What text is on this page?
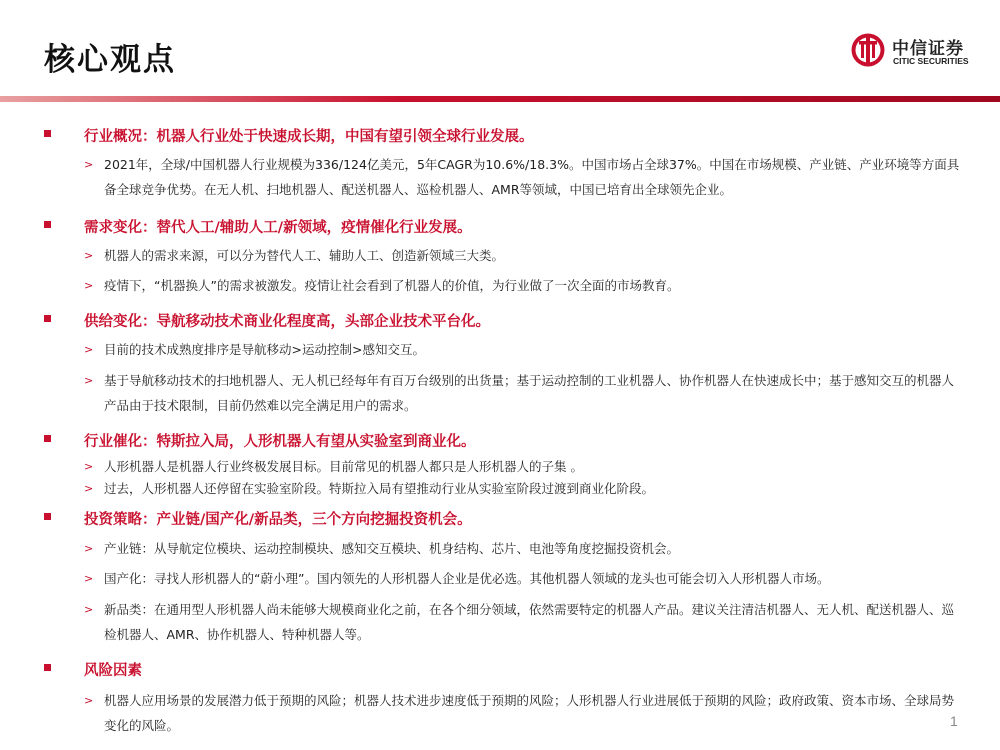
核心观点	中信证券
CITIC SECURITIES
行业概况：机器人行业处于快速成长期，中国有望引领全球行业发展。
> 2021年，全球/中国机器人行业规模为336/124亿美元，5年CAGR为10.6%/18.3%。中国市场占全球37%。中国在市场规模、产业链、产业环境等方面具备全球竞争优势。在无人机、扫地机器人、配送机器人、巡检机器人、AMR等领域，中国已培育出全球领先企业。
需求变化：替代人工/辅助人工/新领域，疫情催化行业发展。
> 机器人的需求来源，可以分为替代人工、辅助人工、创造新领域三大类。
> 疫情下，“机器换人”的需求被激发。疫情让社会看到了机器人的价值，为行业做了一次全面的市场教育。
供给变化：导航移动技术商业化程度高，头部企业技术平台化。
> 目前的技术成熟度排序是导航移动>运动控制>感知交互。
> 基于导航移动技术的扫地机器人、无人机已经每年有百万台级别的出货量；基于运动控制的工业机器人、协作机器人在快速成长中；基于感知交互的机器人产品由于技术限制，目前仍然难以完全满足用户的需求。
行业催化：特斯拉入局，人形机器人有望从实验室到商业化。
> 人形机器人是机器人行业终极发展目标。目前常见的机器人都只是人形机器人的子集 。
> 过去，人形机器人还停留在实验室阶段。特斯拉入局有望推动行业从实验室阶段过渡到商业化阶段。
投资策略：产业链/国产化/新品类，三个方向挖掘投资机会。
> 产业链：从导航定位模块、运动控制模块、感知交互模块、机身结构、芯片、电池等角度挖掘投资机会。
> 国产化：寻找人形机器人的“蔚小理”。国内领先的人形机器人企业是优必选。其他机器人领域的龙头也可能会切入人形机器人市场。
> 新品类：在通用型人形机器人尚未能够大规模商业化之前，在各个细分领域，依然需要特定的机器人产品。建议关注清洁机器人、无人机、配送机器人、巡检机器人、AMR、协作机器人、特种机器人等。
风险因素
> 机器人应用场景的发展潜力低于预期的风险；机器人技术进步速度低于预期的风险；人形机器人行业进展低于预期的风险；政府政策、资本市场、全球局势变化的风险。	1
